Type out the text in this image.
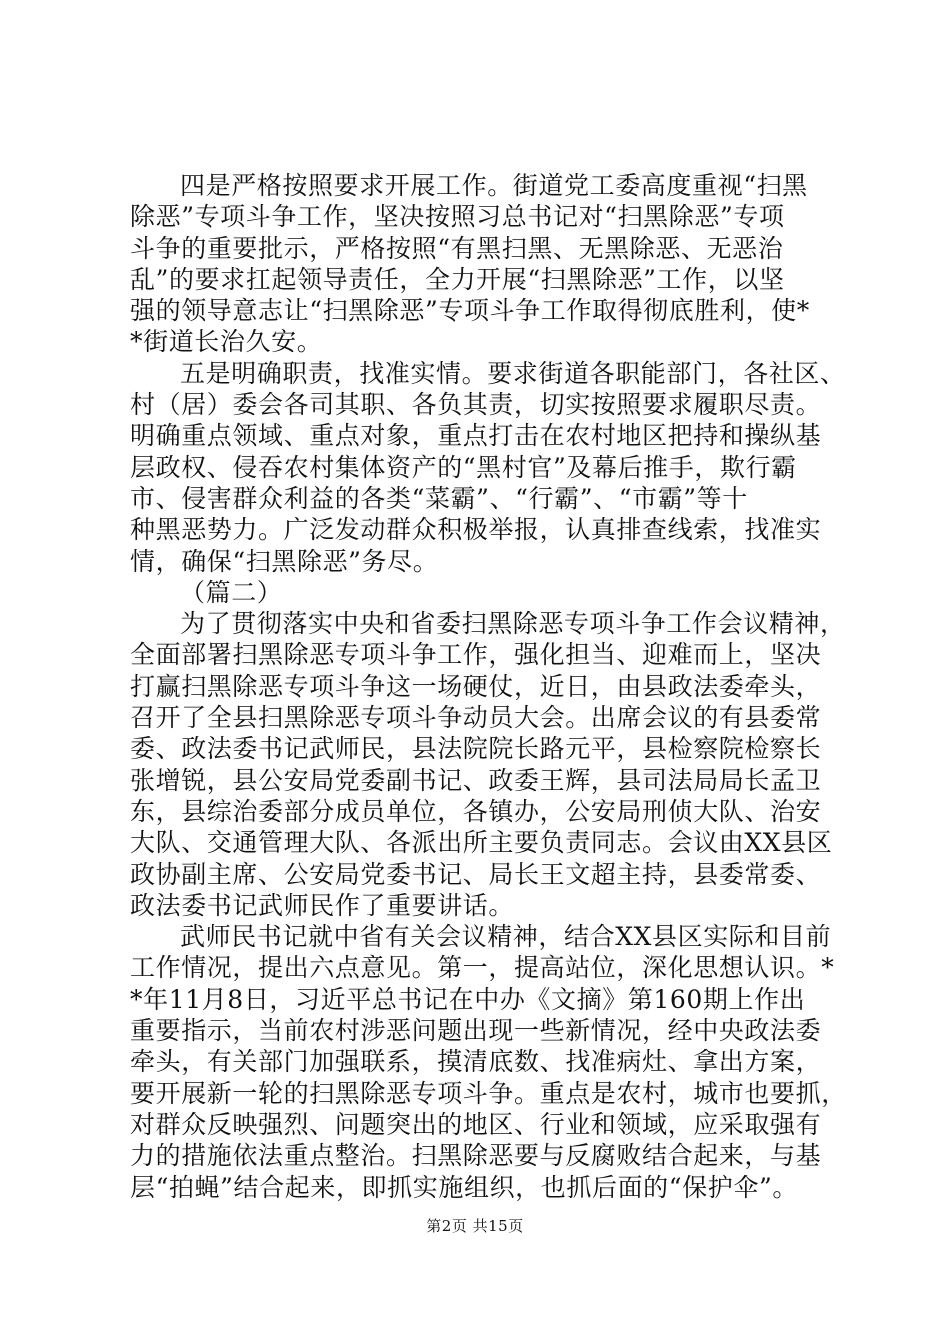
四是严格按照要求开展工作。街道党工委高度重视“扫黑
除恶”专项斗争工作，坚决按照习总书记对“扫黑除恶”专项
斗争的重要批示，严格按照“有黑扫黑、无黑除恶、无恶治
乱”的要求扛起领导责任，全力开展“扫黑除恶”工作，以坚
强的领导意志让“扫黑除恶”专项斗争工作取得彻底胜利，使*
*街道长治久安。
五是明确职责，找准实情。要求街道各职能部门，各社区、
村（居）委会各司其职、各负其责，切实按照要求履职尽责。
明确重点领域、重点对象，重点打击在农村地区把持和操纵基
层政权、侵吞农村集体资产的“黑村官”及幕后推手，欺行霸
市、侵害群众利益的各类“菜霸”、“行霸”、“市霸”等十
种黑恶势力。广泛发动群众积极举报，认真排查线索，找准实
情，确保“扫黑除恶”务尽。
（篇二）
为了贯彻落实中央和省委扫黑除恶专项斗争工作会议精神，
全面部署扫黑除恶专项斗争工作，强化担当、迎难而上，坚决
打赢扫黑除恶专项斗争这一场硬仗，近日，由县政法委牵头，
召开了全县扫黑除恶专项斗争动员大会。出席会议的有县委常
委、政法委书记武师民，县法院院长路元平，县检察院检察长
张增锐，县公安局党委副书记、政委王辉，县司法局局长孟卫
东，县综治委部分成员单位，各镇办，公安局刑侦大队、治安
大队、交通管理大队、各派出所主要负责同志。会议由XX县区
政协副主席、公安局党委书记、局长王文超主持，县委常委、
政法委书记武师民作了重要讲话。
武师民书记就中省有关会议精神，结合XX县区实际和目前
工作情况，提出六点意见。第一，提高站位，深化思想认识。*
*年11月8日，习近平总书记在中办《文摘》第160期上作出
重要指示，当前农村涉恶问题出现一些新情况，经中央政法委
牵头，有关部门加强联系，摸清底数、找准病灶、拿出方案，
要开展新一轮的扫黑除恶专项斗争。重点是农村，城市也要抓，
对群众反映强烈、问题突出的地区、行业和领域，应采取强有
力的措施依法重点整治。扫黑除恶要与反腐败结合起来，与基
层“拍蝇”结合起来，即抓实施组织，也抓后面的“保护伞”。
第2页 共15页
